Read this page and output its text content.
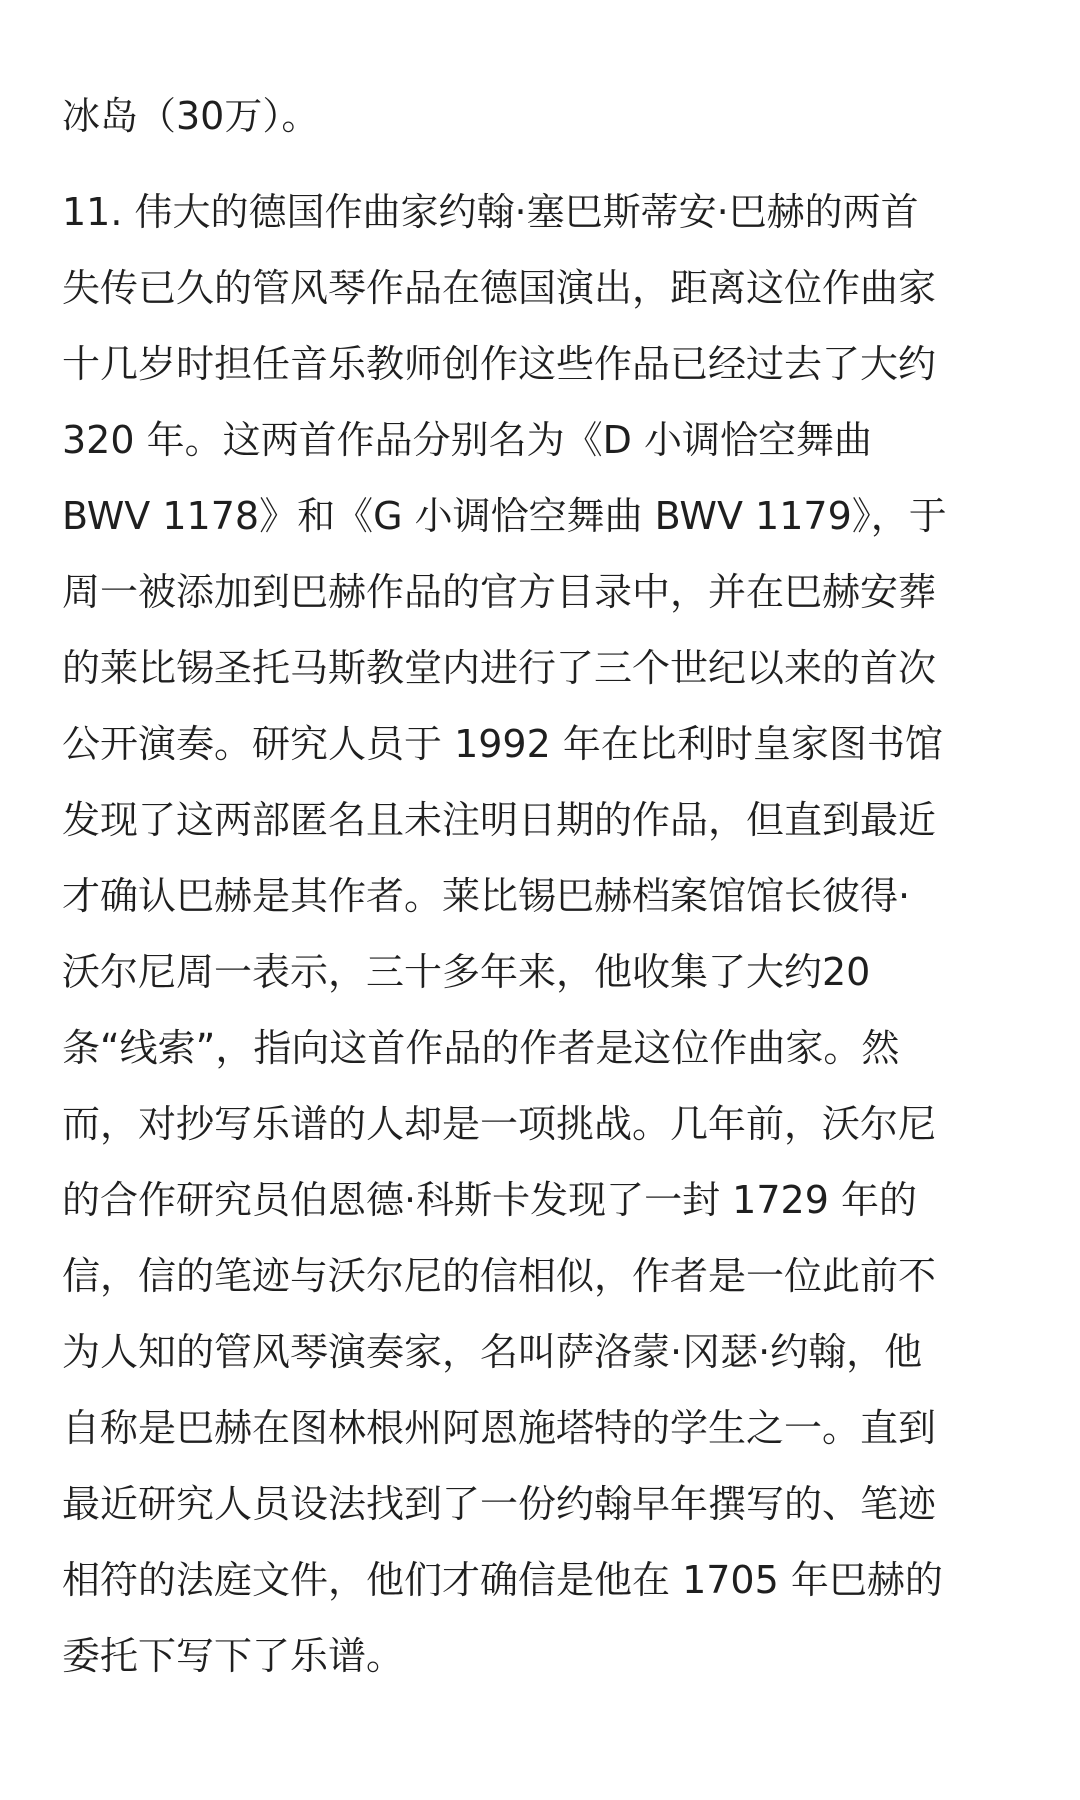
冰岛（30万）。
11. 伟大的德国作曲家约翰·塞巴斯蒂安·巴赫的两首
失传已久的管风琴作品在德国演出，距离这位作曲家
十几岁时担任音乐教师创作这些作品已经过去了大约
320 年。这两首作品分别名为《D 小调恰空舞曲
BWV 1178》和《G 小调恰空舞曲 BWV 1179》，于
周一被添加到巴赫作品的官方目录中，并在巴赫安葬
的莱比锡圣托马斯教堂内进行了三个世纪以来的首次
公开演奏。研究人员于 1992 年在比利时皇家图书馆
发现了这两部匿名且未注明日期的作品，但直到最近
才确认巴赫是其作者。莱比锡巴赫档案馆馆长彼得·
沃尔尼周一表示，三十多年来，他收集了大约20
条“线索”，指向这首作品的作者是这位作曲家。然
而，对抄写乐谱的人却是一项挑战。几年前，沃尔尼
的合作研究员伯恩德·科斯卡发现了一封 1729 年的
信，信的笔迹与沃尔尼的信相似，作者是一位此前不
为人知的管风琴演奏家，名叫萨洛蒙·冈瑟·约翰，他
自称是巴赫在图林根州阿恩施塔特的学生之一。直到
最近研究人员设法找到了一份约翰早年撰写的、笔迹
相符的法庭文件，他们才确信是他在 1705 年巴赫的
委托下写下了乐谱。
